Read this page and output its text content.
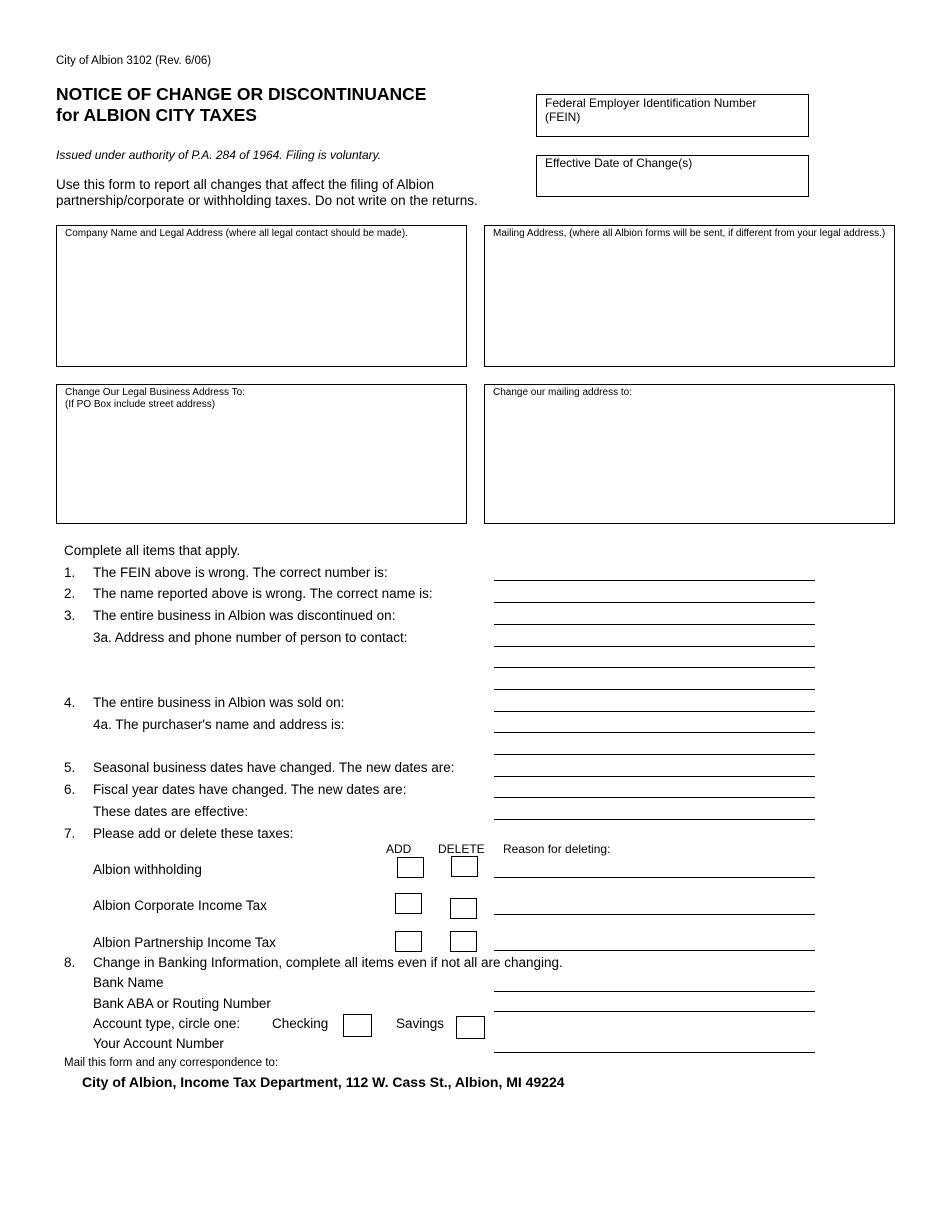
City of Albion 3102 (Rev. 6/06)
NOTICE OF CHANGE OR DISCONTINUANCE
for ALBION CITY TAXES
Issued under authority of P.A. 284 of 1964. Filing is voluntary.
Use this form to report all changes that affect the filing of Albion partnership/corporate or withholding taxes. Do not write on the returns.
Federal Employer Identification Number (FEIN)
Effective Date of Change(s)
Company Name and Legal Address (where all legal contact should be made).	Mailing Address, (where all Albion forms will be sent, if different from your legal address.)
Change Our Legal Business Address To:
(If PO Box include street address)
Change our mailing address to:
Complete all items that apply.
1. The FEIN above is wrong. The correct number is:
2. The name reported above is wrong. The correct name is:
3. The entire business in Albion was discontinued on:
3a. Address and phone number of person to contact:
4. The entire business in Albion was sold on:
4a. The purchaser's name and address is:
5. Seasonal business dates have changed. The new dates are:
6. Fiscal year dates have changed. The new dates are:
These dates are effective:
7. Please add or delete these taxes:
ADD DELETE Reason for deleting:
Albion withholding
Albion Corporate Income Tax
Albion Partnership Income Tax
8. Change in Banking Information, complete all items even if not all are changing.
Bank Name
Bank ABA or Routing Number
Account type, circle one: Checking	Savings
Your Account Number
Mail this form and any correspondence to:
City of Albion, Income Tax Department, 112 W. Cass St., Albion, MI 49224
